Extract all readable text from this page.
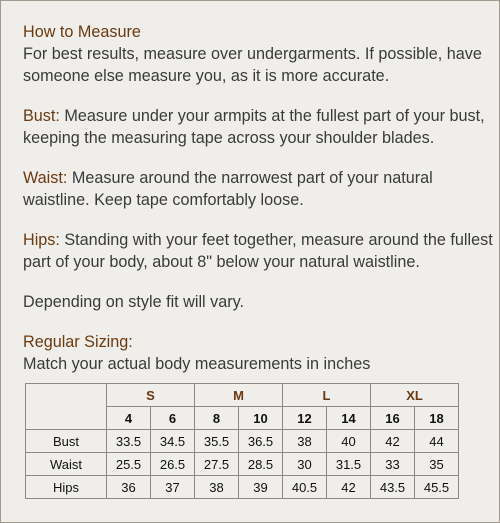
How to Measure
For best results, measure over undergarments. If possible, have someone else measure you, as it is more accurate.

Bust: Measure under your armpits at the fullest part of your bust, keeping the measuring tape across your shoulder blades.

Waist: Measure around the narrowest part of your natural waistline. Keep tape comfortably loose.

Hips: Standing with your feet together, measure around the fullest part of your body, about 8" below your natural waistline.

Depending on style fit will vary.

Regular Sizing:
Match your actual body measurements in inches

	S		M		L		XL	
	4	6	8	10	12	14	16	18
Bust	33.5	34.5	35.5	36.5	38	40	42	44
Waist	25.5	26.5	27.5	28.5	30	31.5	33	35
Hips	36	37	38	39	40.5	42	43.5	45.5
